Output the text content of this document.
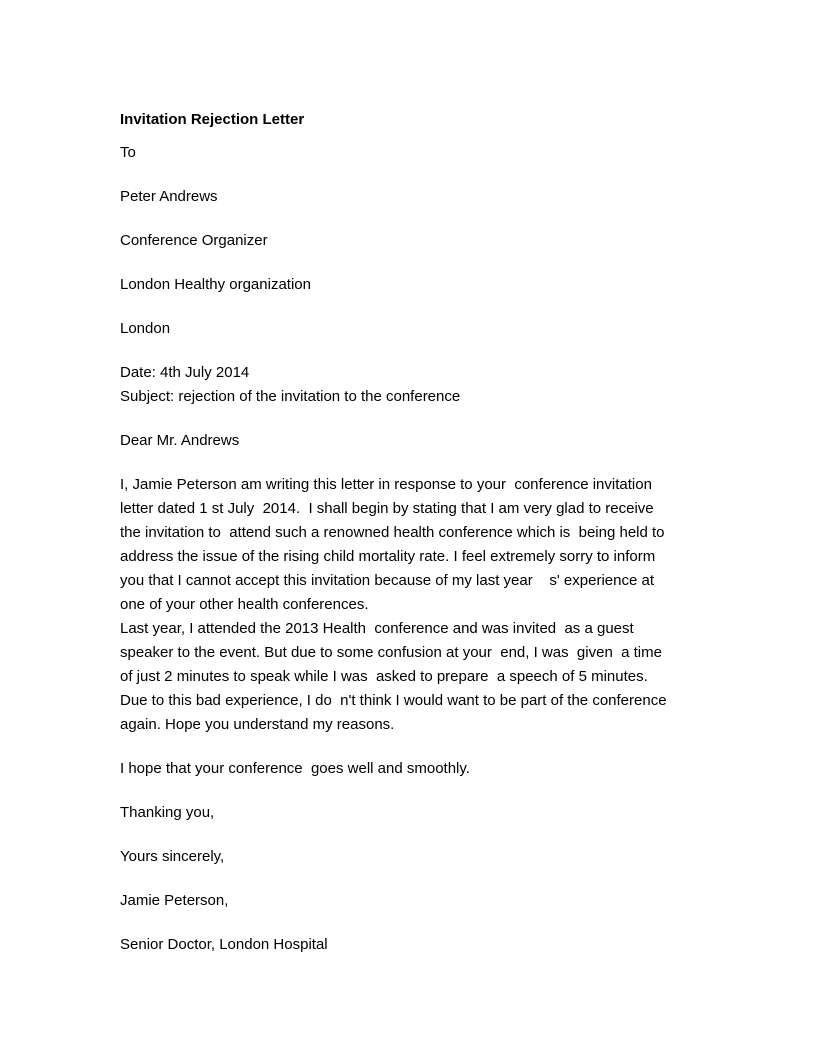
Invitation Rejection Letter
To
Peter Andrews
Conference Organizer
London Healthy organization
London
Date: 4th July 2014
Subject: rejection of the invitation to the conference
Dear Mr. Andrews
I, Jamie Peterson am writing this letter in response to your  conference invitation
letter dated 1 st July  2014.  I shall begin by stating that I am very glad to receive
the invitation to  attend such a renowned health conference which is  being held to
address the issue of the rising child mortality rate. I feel extremely sorry to inform
you that I cannot accept this invitation because of my last year    s' experience at
one of your other health conferences.
Last year, I attended the 2013 Health  conference and was invited  as a guest
speaker to the event. But due to some confusion at your  end, I was  given  a time
of just 2 minutes to speak while I was  asked to prepare  a speech of 5 minutes.
Due to this bad experience, I do  n't think I would want to be part of the conference
again. Hope you understand my reasons.
I hope that your conference  goes well and smoothly.
Thanking you,
Yours sincerely,
Jamie Peterson,
Senior Doctor, London Hospital
